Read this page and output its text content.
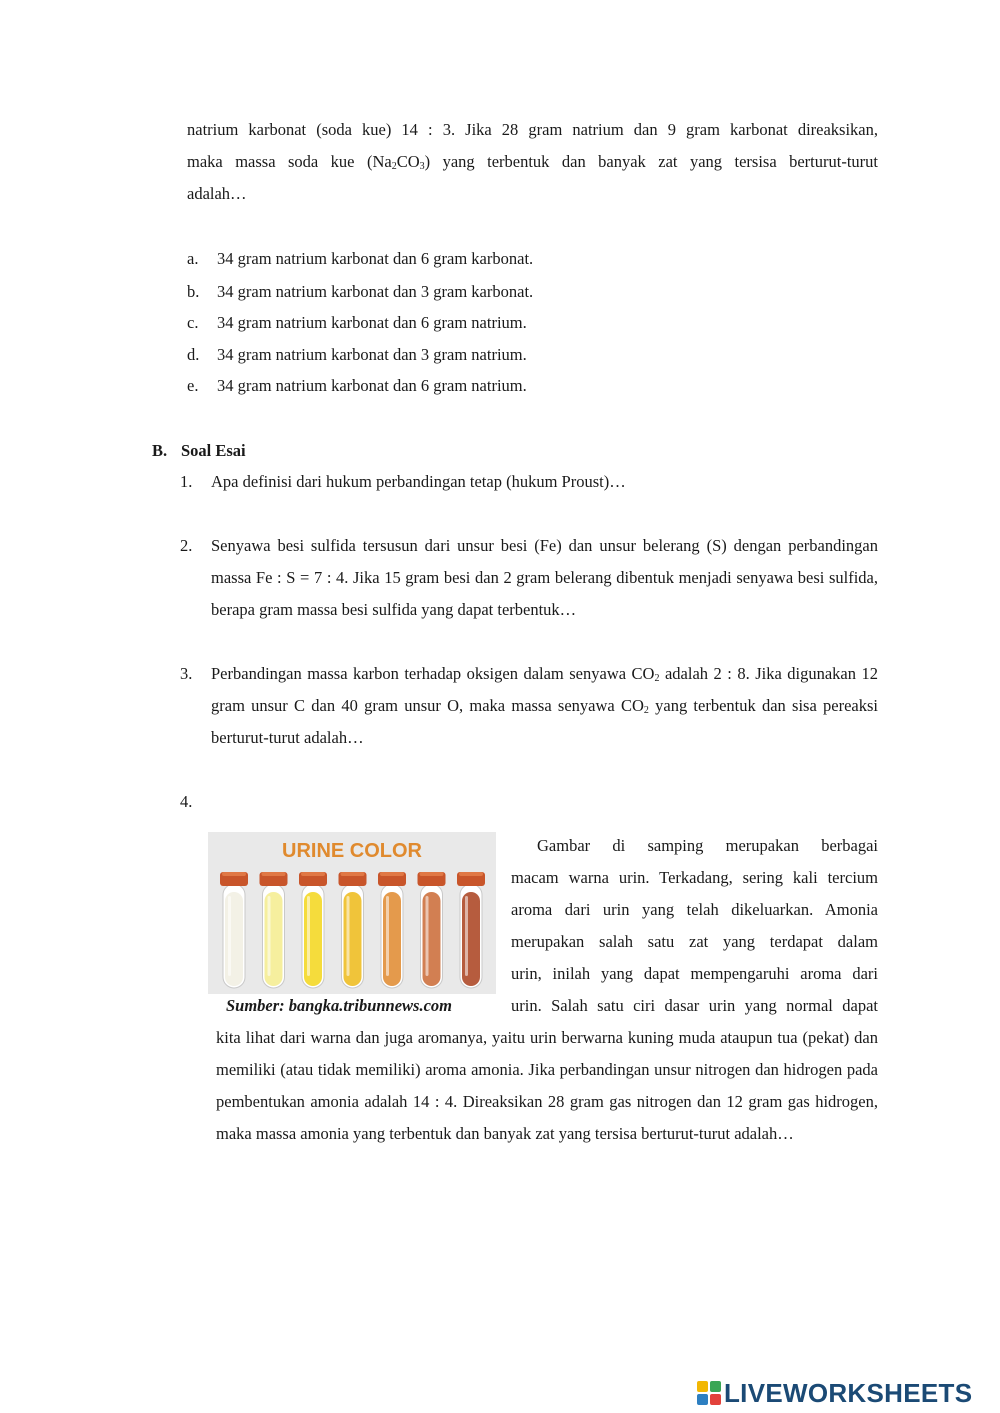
natrium karbonat (soda kue) 14 : 3. Jika 28 gram natrium dan 9 gram karbonat direaksikan,
maka massa soda kue $(Na_2CO_3)$ yang terbentuk dan banyak zat yang tersisa berturut-turut
adalah…
a. 34 gram natrium karbonat dan 6 gram karbonat.
b. 34 gram natrium karbonat dan 3 gram karbonat.
c. 34 gram natrium karbonat dan 6 gram natrium.
d. 34 gram natrium karbonat dan 3 gram natrium.
e. 34 gram natrium karbonat dan 6 gram natrium.
B. Soal Esai
1. Apa definisi dari hukum perbandingan tetap (hukum Proust)…
2. Senyawa besi sulfida tersusun dari unsur besi (Fe) dan unsur belerang (S) dengan perbandingan massa Fe : S = 7 : 4. Jika 15 gram besi dan 2 gram belerang dibentuk menjadi senyawa besi sulfida, berapa gram massa besi sulfida yang dapat terbentuk…
3. Perbandingan massa karbon terhadap oksigen dalam senyawa $CO_2$ adalah 2 : 8. Jika digunakan 12 gram unsur C dan 40 gram unsur O, maka massa senyawa $CO_2$ yang terbentuk dan sisa pereaksi berturut-turut adalah…
4.
URINE COLOR
Sumber: bangka.tribunnews.com
Gambar di samping merupakan berbagai
macam warna urin. Terkadang, sering kali tercium
aroma dari urin yang telah dikeluarkan. Amonia
merupakan salah satu zat yang terdapat dalam
urin, inilah yang dapat mempengaruhi aroma dari
urin. Salah satu ciri dasar urin yang normal dapat
kita lihat dari warna dan juga aromanya, yaitu urin berwarna kuning muda ataupun tua (pekat) dan memiliki (atau tidak memiliki) aroma amonia. Jika perbandingan unsur nitrogen dan hidrogen pada pembentukan amonia adalah 14 : 4. Direaksikan 28 gram gas nitrogen dan 12 gram gas hidrogen, maka massa amonia yang terbentuk dan banyak zat yang tersisa berturut-turut adalah…
LIVEWORKSHEETS
